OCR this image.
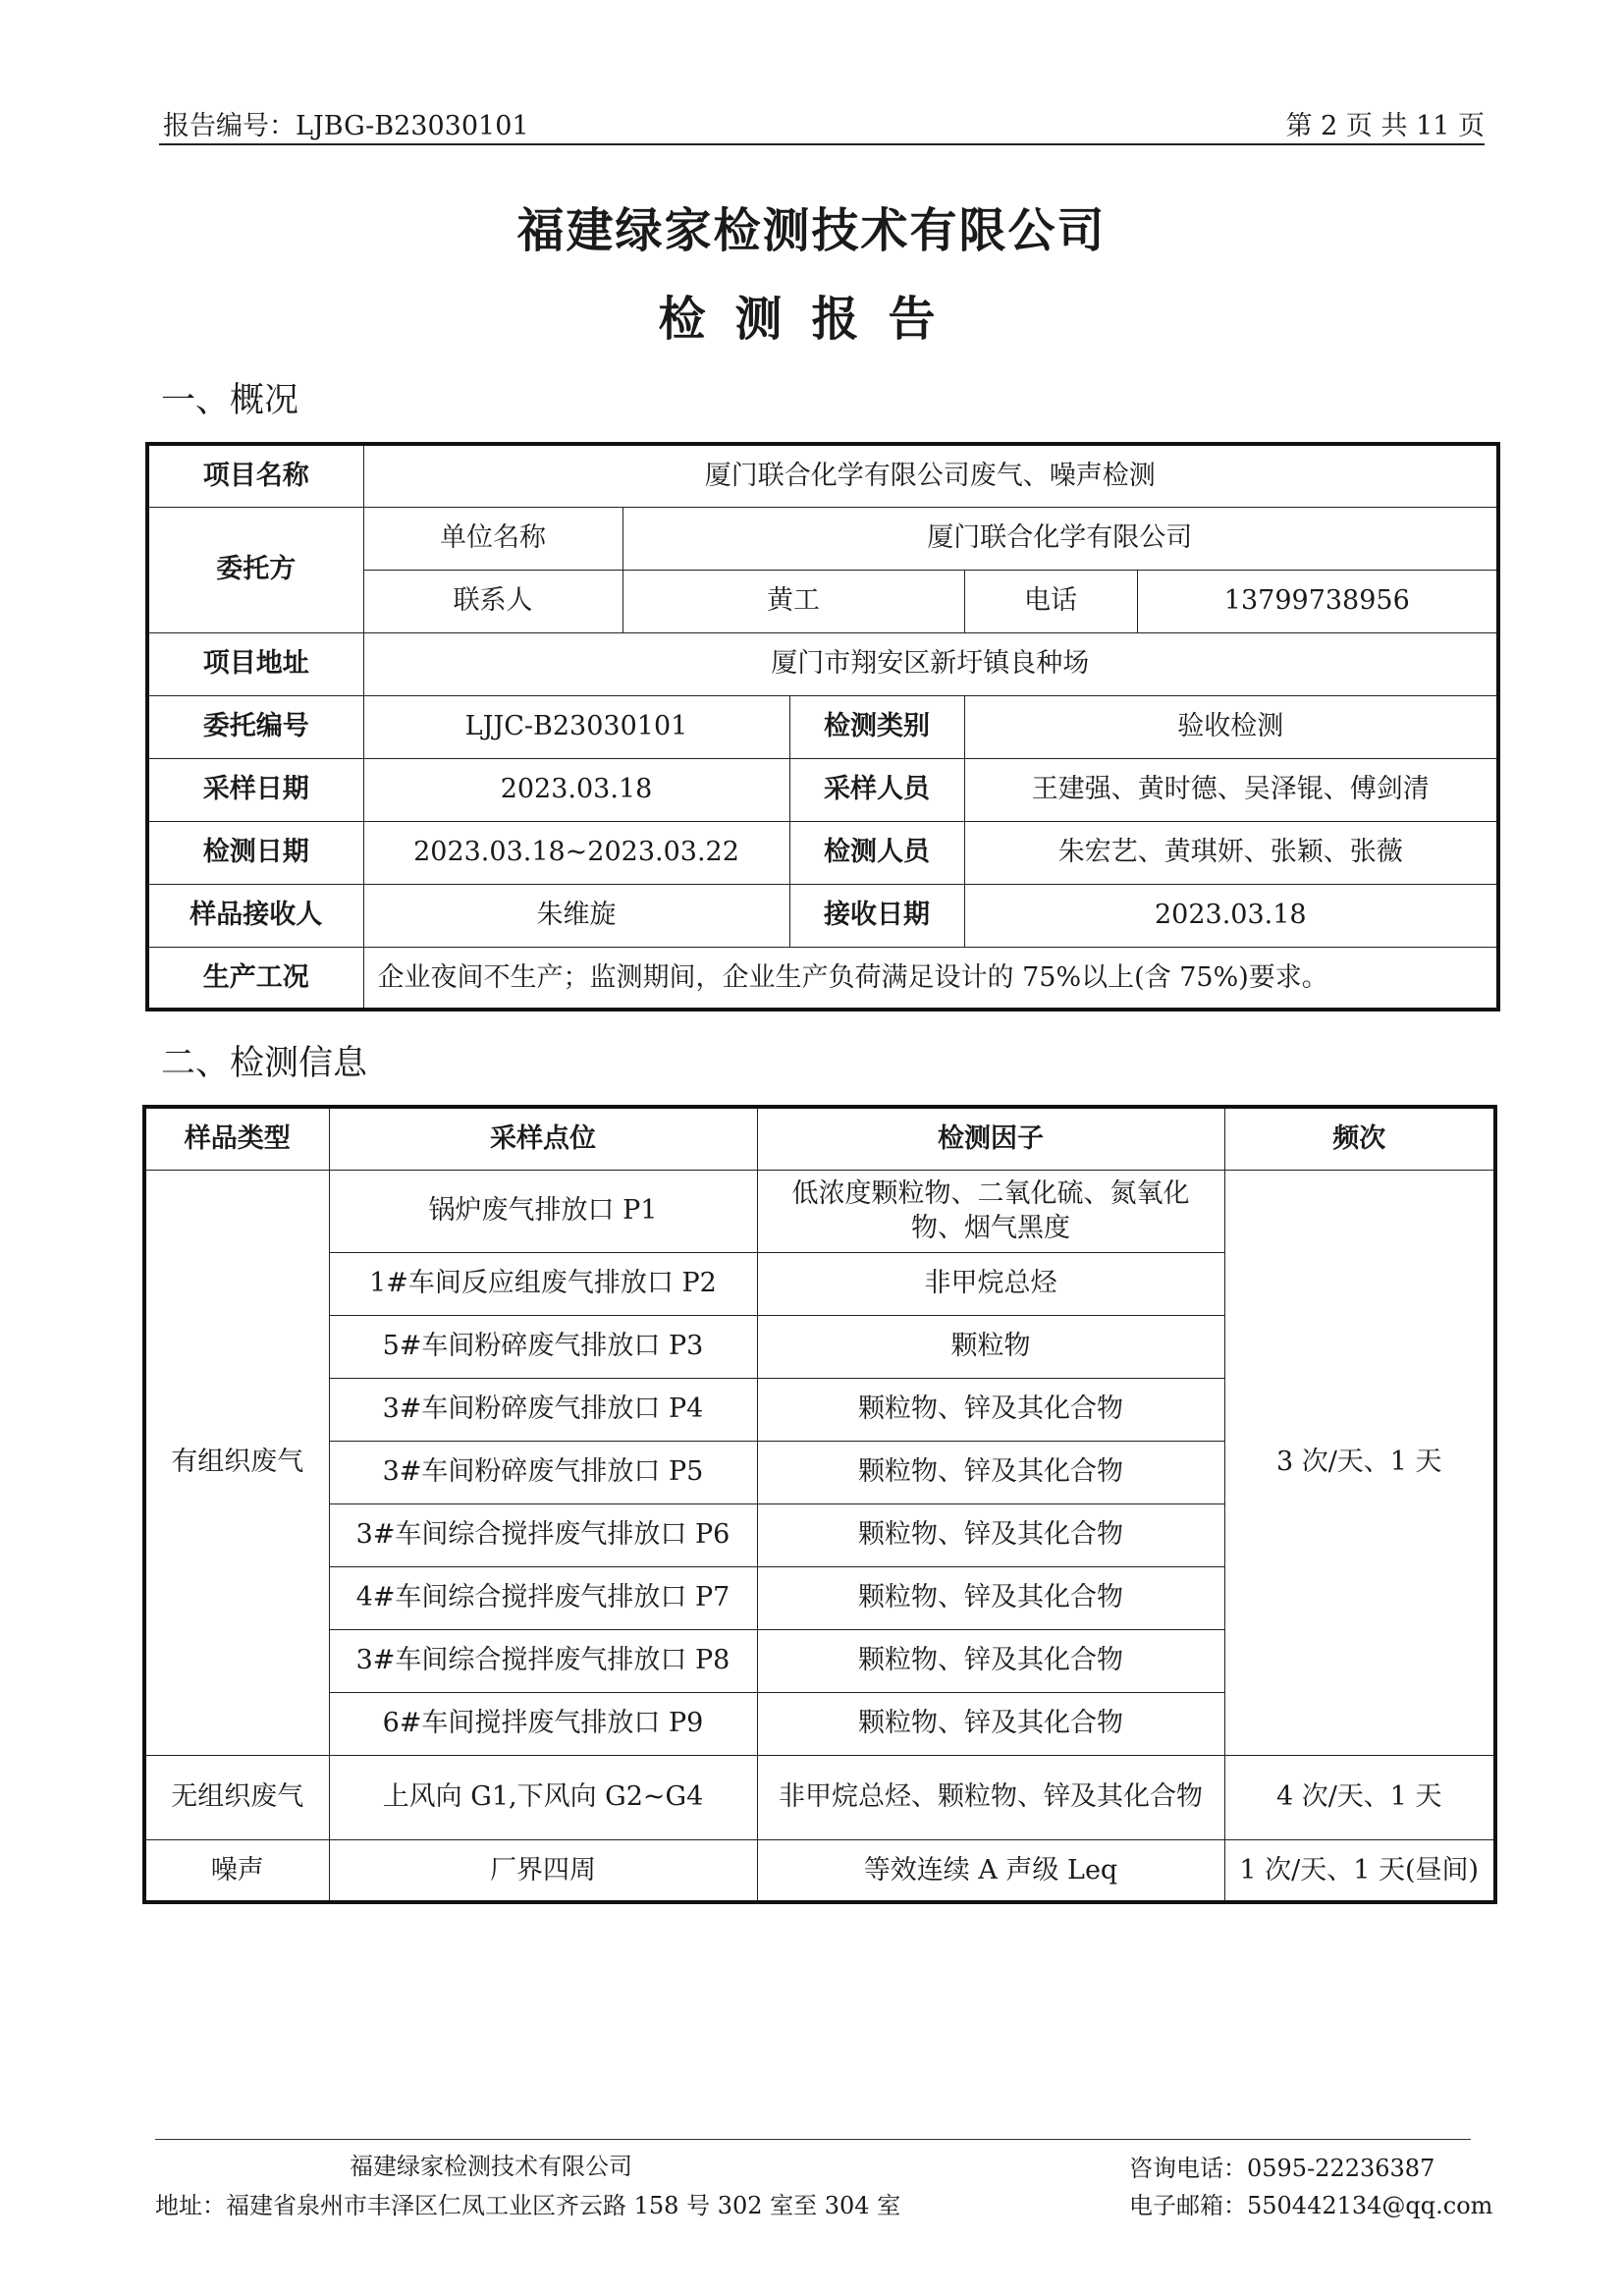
报告编号：LJBG-B23030101	第 2 页 共 11 页
福建绿家检测技术有限公司
检测报告
一、概况
项目名称	厦门联合化学有限公司废气、噪声检测				
委托方	单位名称	厦门联合化学有限公司			
	联系人	黄工		电话	13799738956
项目地址	厦门市翔安区新圩镇良种场				
委托编号	LJJC-B23030101		检测类别	验收检测	
采样日期	2023.03.18		采样人员	王建强、黄时德、吴泽锟、傅剑清	
检测日期	2023.03.18~2023.03.22		检测人员	朱宏艺、黄琪妍、张颖、张薇	
样品接收人	朱维旋		接收日期	2023.03.18	
生产工况	企业夜间不生产；监测期间，企业生产负荷满足设计的 75%以上(含 75%)要求。				
二、检测信息
样品类型	采样点位	检测因子	频次
有组织废气	锅炉废气排放口 P1	低浓度颗粒物、二氧化硫、氮氧化物、烟气黑度	3 次/天、1 天
	1#车间反应组废气排放口 P2	非甲烷总烃	
	5#车间粉碎废气排放口 P3	颗粒物	
	3#车间粉碎废气排放口 P4	颗粒物、锌及其化合物	
	3#车间粉碎废气排放口 P5	颗粒物、锌及其化合物	
	3#车间综合搅拌废气排放口 P6	颗粒物、锌及其化合物	
	4#车间综合搅拌废气排放口 P7	颗粒物、锌及其化合物	
	3#车间综合搅拌废气排放口 P8	颗粒物、锌及其化合物	
	6#车间搅拌废气排放口 P9	颗粒物、锌及其化合物	
无组织废气	上风向 G1,下风向 G2~G4	非甲烷总烃、颗粒物、锌及其化合物	4 次/天、1 天
噪声	厂界四周	等效连续 A 声级 Leq	1 次/天、1 天(昼间)
福建绿家检测技术有限公司
地址：福建省泉州市丰泽区仁凤工业区齐云路 158 号 302 室至 304 室
咨询电话：0595-22236387
电子邮箱：550442134@qq.com
